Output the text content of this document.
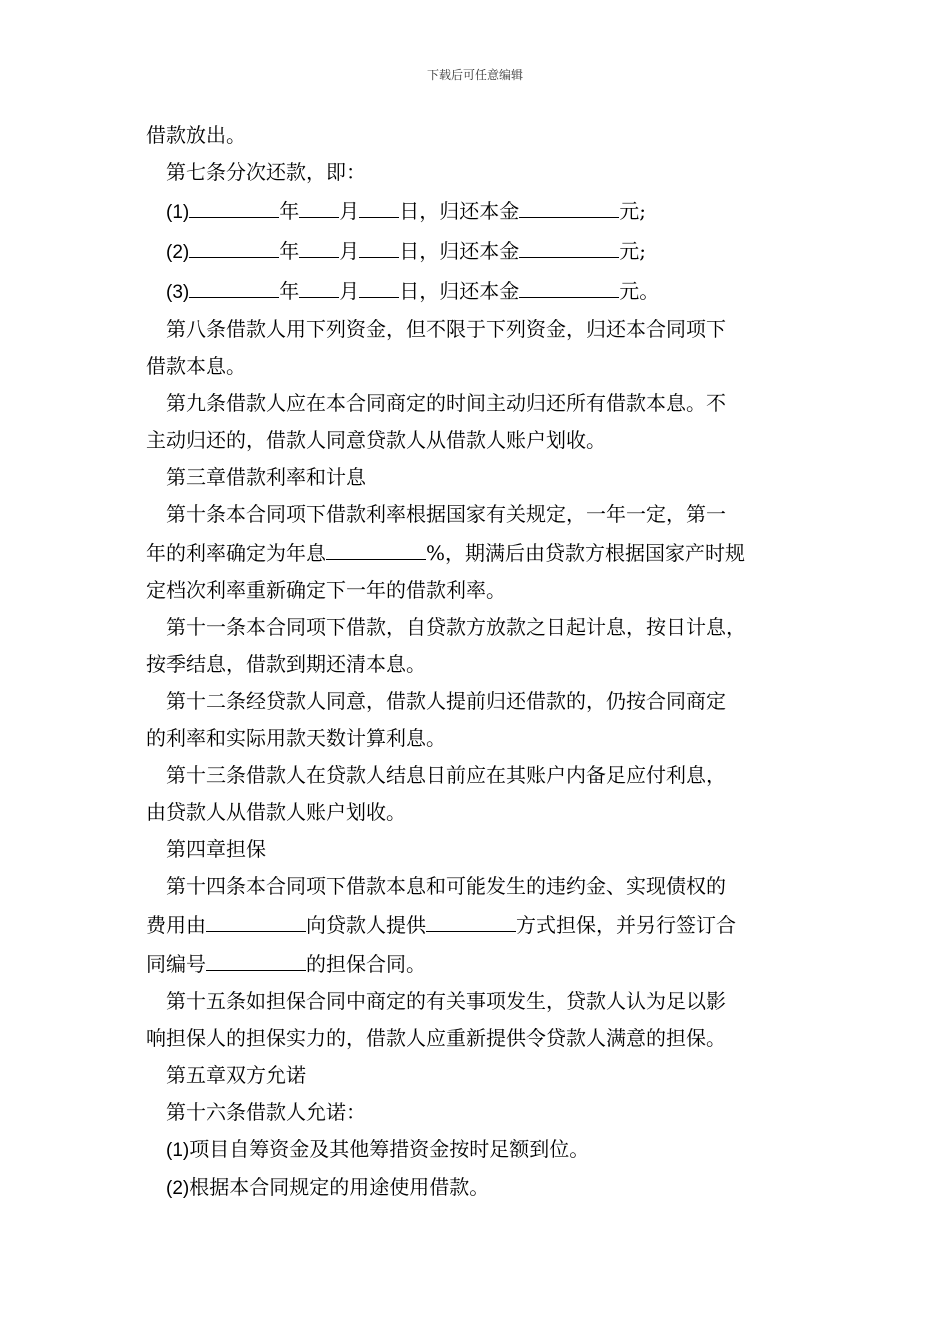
下载后可任意编辑

借款放出。

第七条分次还款，即：

(1)	年 月 日，归还本金	元;

(2)	年 月 日，归还本金	元;

(3)	年 月 日，归还本金	元。

第八条借款人用下列资金，但不限于下列资金，归还本合同项下

借款本息。

第九条借款人应在本合同商定的时间主动归还所有借款本息。不

主动归还的，借款人同意贷款人从借款人账户划收。

第三章借款利率和计息

第十条本合同项下借款利率根据国家有关规定，一年一定，第一

年的利率确定为年息	%，期满后由贷款方根据国家产时规

定档次利率重新确定下一年的借款利率。

第十一条本合同项下借款，自贷款方放款之日起计息，按日计息，

按季结息，借款到期还清本息。

第十二条经贷款人同意，借款人提前归还借款的，仍按合同商定

的利率和实际用款天数计算利息。

第十三条借款人在贷款人结息日前应在其账户内备足应付利息，

由贷款人从借款人账户划收。

第四章担保

第十四条本合同项下借款本息和可能发生的违约金、实现债权的

费用由	向贷款人提供	方式担保，并另行签订合

同编号	的担保合同。

第十五条如担保合同中商定的有关事项发生，贷款人认为足以影

响担保人的担保实力的，借款人应重新提供令贷款人满意的担保。

第五章双方允诺

第十六条借款人允诺：

(1)项目自筹资金及其他筹措资金按时足额到位。

(2)根据本合同规定的用途使用借款。
